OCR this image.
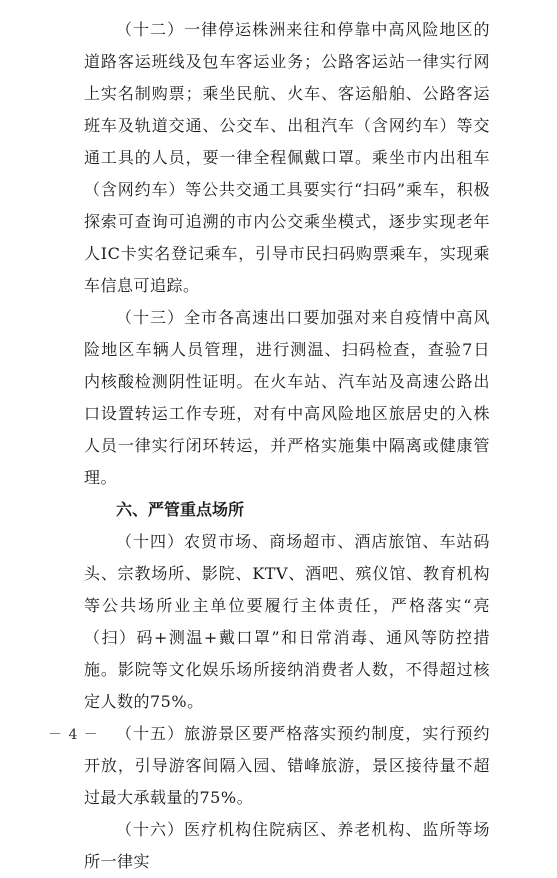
（十二）一律停运株洲来往和停靠中高风险地区的道路客运班线及包车客运业务；公路客运站一律实行网上实名制购票；乘坐民航、火车、客运船舶、公路客运班车及轨道交通、公交车、出租汽车（含网约车）等交通工具的人员，要一律全程佩戴口罩。乘坐市内出租车（含网约车）等公共交通工具要实行“扫码”乘车，积极探索可查询可追溯的市内公交乘坐模式，逐步实现老年人IC卡实名登记乘车，引导市民扫码购票乘车，实现乘车信息可追踪。

（十三）全市各高速出口要加强对来自疫情中高风险地区车辆人员管理，进行测温、扫码检查，查验7日内核酸检测阴性证明。在火车站、汽车站及高速公路出口设置转运工作专班，对有中高风险地区旅居史的入株人员一律实行闭环转运，并严格实施集中隔离或健康管理。

六、严管重点场所

（十四）农贸市场、商场超市、酒店旅馆、车站码头、宗教场所、影院、KTV、酒吧、殡仪馆、教育机构等公共场所业主单位要履行主体责任，严格落实“亮（扫）码+测温+戴口罩”和日常消毒、通风等防控措施。影院等文化娱乐场所接纳消费者人数，不得超过核定人数的75%。

（十五）旅游景区要严格落实预约制度，实行预约开放，引导游客间隔入园、错峰旅游，景区接待量不超过最大承载量的75%。

（十六）医疗机构住院病区、养老机构、监所等场所一律实

－ 4 －
